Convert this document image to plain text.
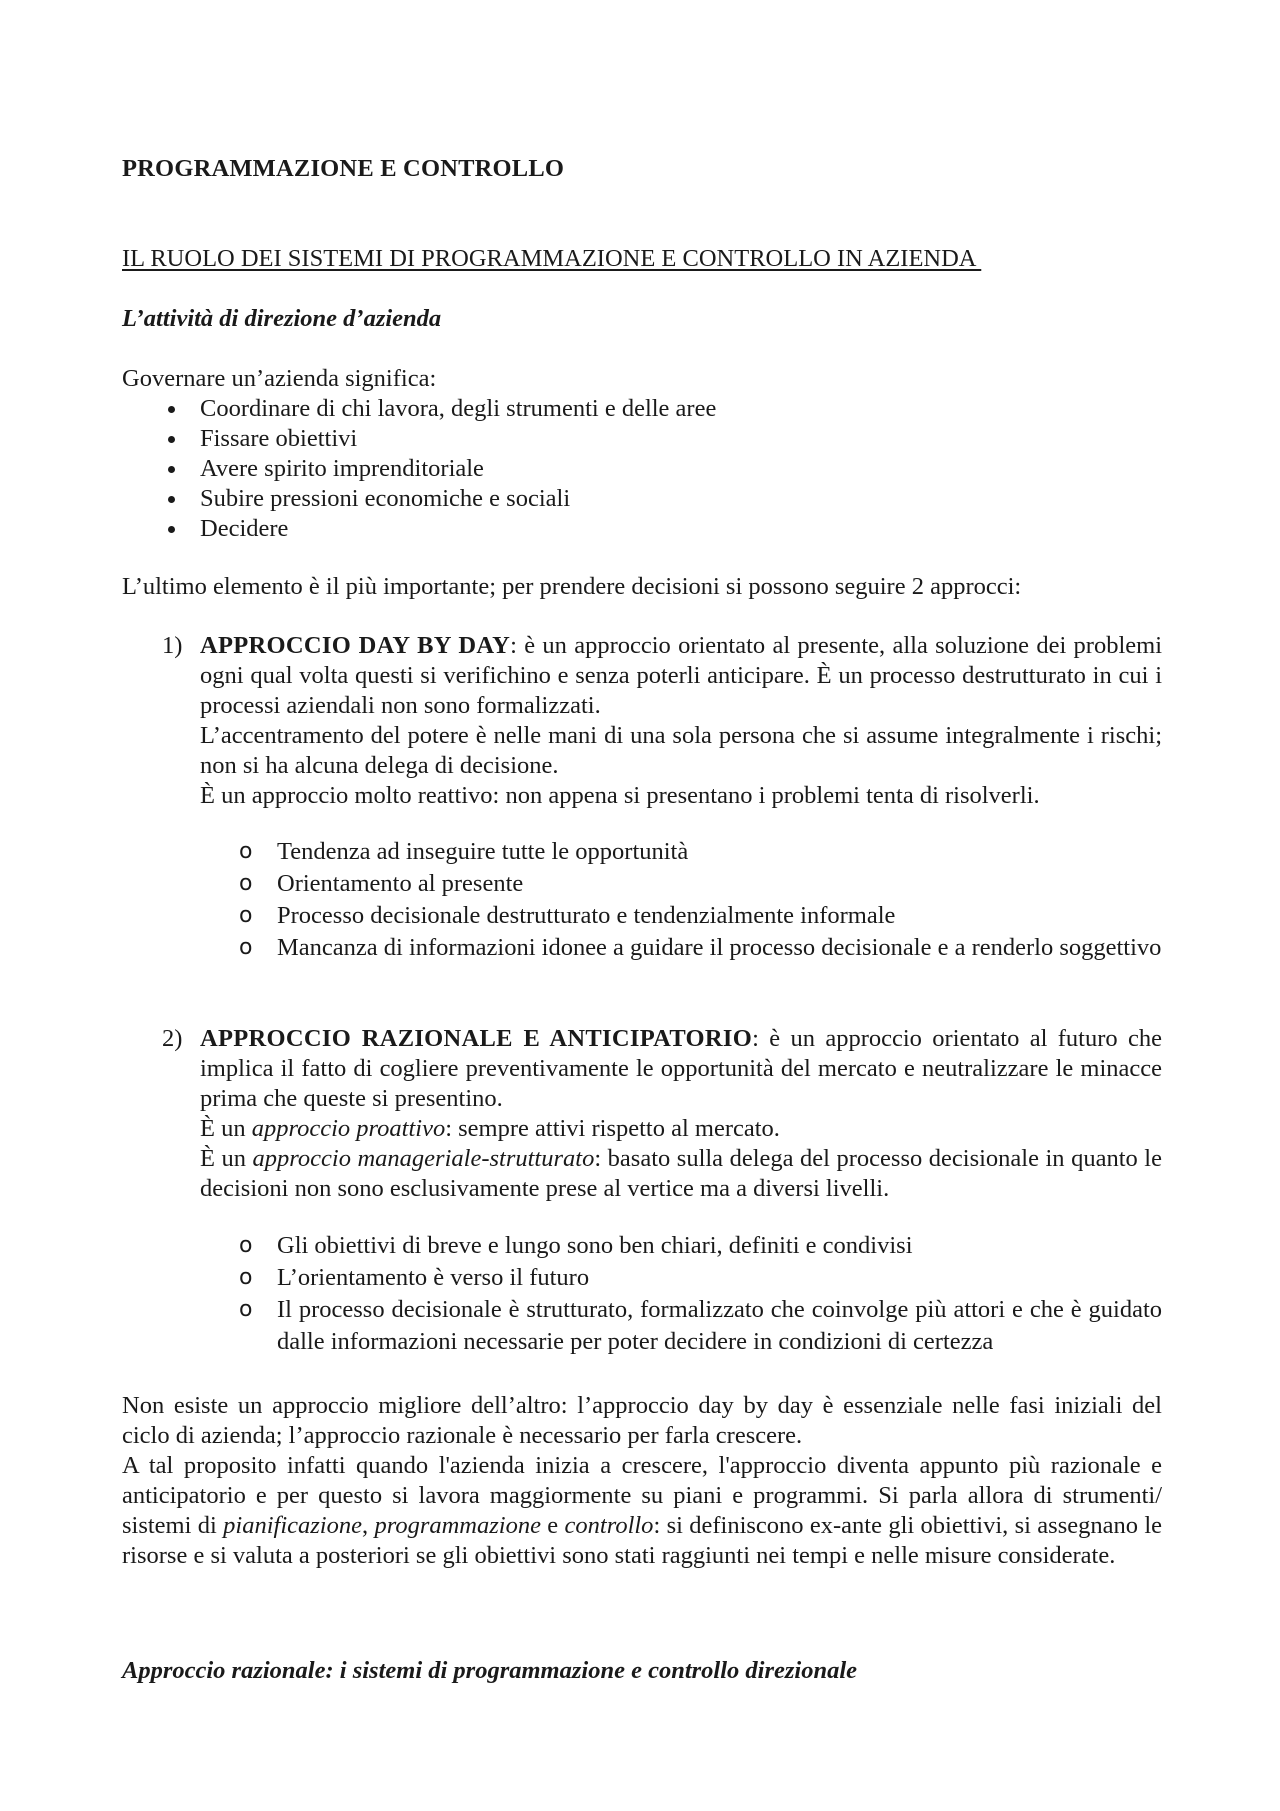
PROGRAMMAZIONE E CONTROLLO
IL RUOLO DEI SISTEMI DI PROGRAMMAZIONE E CONTROLLO IN AZIENDA
L’attività di direzione d’azienda
Governare un’azienda significa:
Coordinare di chi lavora, degli strumenti e delle aree
Fissare obiettivi
Avere spirito imprenditoriale
Subire pressioni economiche e sociali
Decidere
L’ultimo elemento è il più importante; per prendere decisioni si possono seguire 2 approcci:
1) APPROCCIO DAY BY DAY: è un approccio orientato al presente, alla soluzione dei problemi ogni qual volta questi si verifichino e senza poterli anticipare. È un processo destrutturato in cui i processi aziendali non sono formalizzati.

L’accentramento del potere è nelle mani di una sola persona che si assume integralmente i rischi; non si ha alcuna delega di decisione.

È un approccio molto reattivo: non appena si presentano i problemi tenta di risolverli.

o Tendenza ad inseguire tutte le opportunità
o Orientamento al presente
o Processo decisionale destrutturato e tendenzialmente informale
o Mancanza di informazioni idonee a guidare il processo decisionale e a renderlo soggettivo
2) APPROCCIO RAZIONALE E ANTICIPATORIO: è un approccio orientato al futuro che implica il fatto di cogliere preventivamente le opportunità del mercato e neutralizzare le minacce prima che queste si presentino.

È un approccio proattivo: sempre attivi rispetto al mercato.

È un approccio manageriale-strutturato: basato sulla delega del processo decisionale in quanto le decisioni non sono esclusivamente prese al vertice ma a diversi livelli.

o Gli obiettivi di breve e lungo sono ben chiari, definiti e condivisi
o L’orientamento è verso il futuro
o Il processo decisionale è strutturato, formalizzato che coinvolge più attori e che è guidato dalle informazioni necessarie per poter decidere in condizioni di certezza

Non esiste un approccio migliore dell’altro: l’approccio day by day è essenziale nelle fasi iniziali del ciclo di azienda; l’approccio razionale è necessario per farla crescere.

A tal proposito infatti quando l'azienda inizia a crescere, l'approccio diventa appunto più razionale e anticipatorio e per questo si lavora maggiormente su piani e programmi. Si parla allora di strumenti/ sistemi di pianificazione, programmazione e controllo: si definiscono ex-ante gli obiettivi, si assegnano le risorse e si valuta a posteriori se gli obiettivi sono stati raggiunti nei tempi e nelle misure considerate.

Approccio razionale: i sistemi di programmazione e controllo direzionale
